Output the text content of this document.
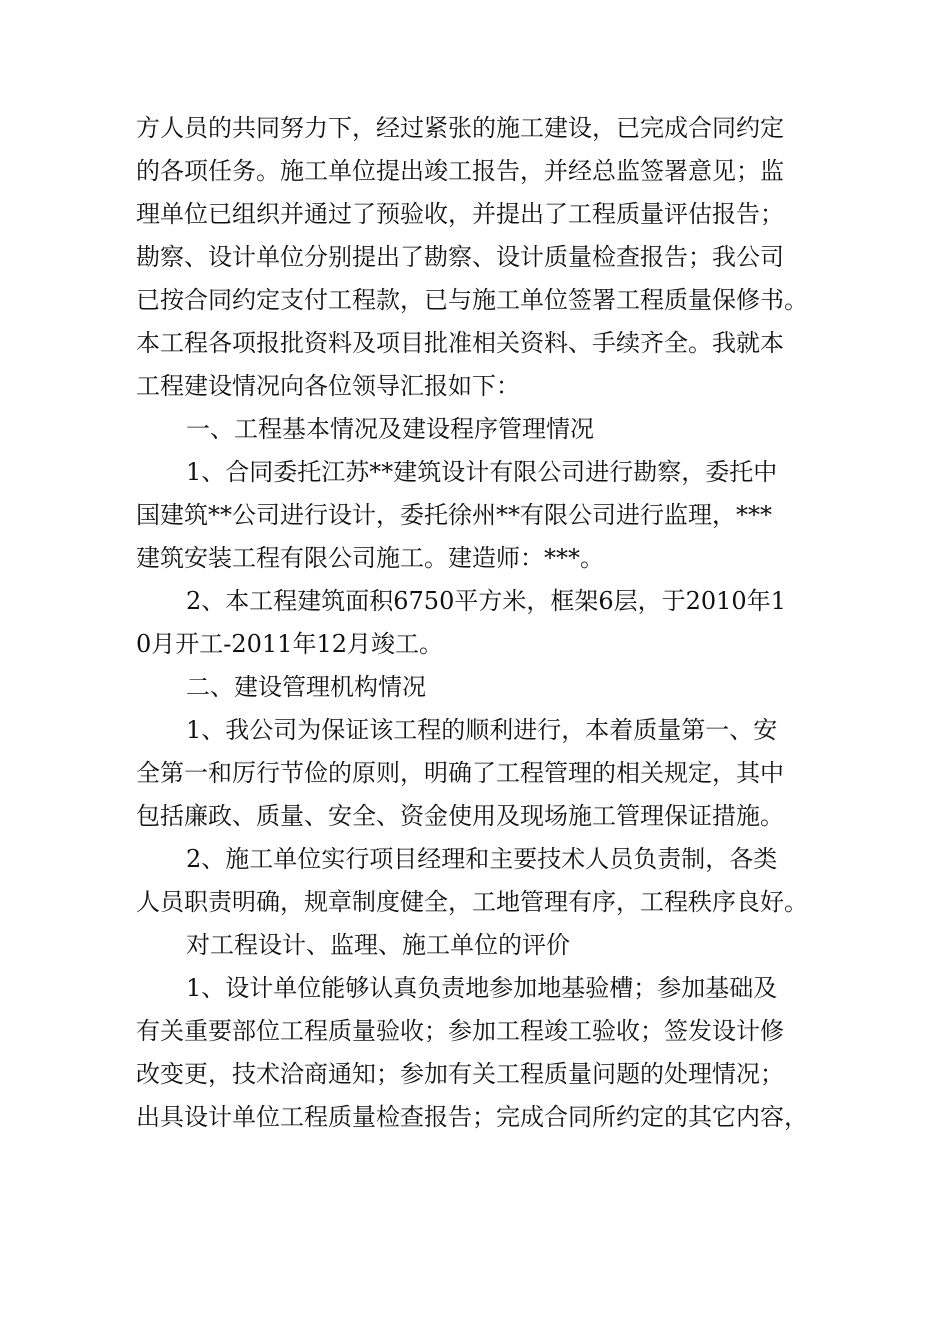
方人员的共同努力下，经过紧张的施工建设，已完成合同约定
的各项任务。施工单位提出竣工报告，并经总监签署意见；监
理单位已组织并通过了预验收，并提出了工程质量评估报告；
勘察、设计单位分别提出了勘察、设计质量检查报告；我公司
已按合同约定支付工程款，已与施工单位签署工程质量保修书。
本工程各项报批资料及项目批准相关资料、手续齐全。我就本
工程建设情况向各位领导汇报如下：
一、工程基本情况及建设程序管理情况
1、合同委托江苏**建筑设计有限公司进行勘察，委托中
国建筑**公司进行设计，委托徐州**有限公司进行监理，***
建筑安装工程有限公司施工。建造师：***。
2、本工程建筑面积6750平方米，框架6层，于2010年1
0月开工-2011年12月竣工。
二、建设管理机构情况
1、我公司为保证该工程的顺利进行，本着质量第一、安
全第一和厉行节俭的原则，明确了工程管理的相关规定，其中
包括廉政、质量、安全、资金使用及现场施工管理保证措施。
2、施工单位实行项目经理和主要技术人员负责制，各类
人员职责明确，规章制度健全，工地管理有序，工程秩序良好。
对工程设计、监理、施工单位的评价
1、设计单位能够认真负责地参加地基验槽；参加基础及
有关重要部位工程质量验收；参加工程竣工验收；签发设计修
改变更，技术洽商通知；参加有关工程质量问题的处理情况；
出具设计单位工程质量检查报告；完成合同所约定的其它内容，
